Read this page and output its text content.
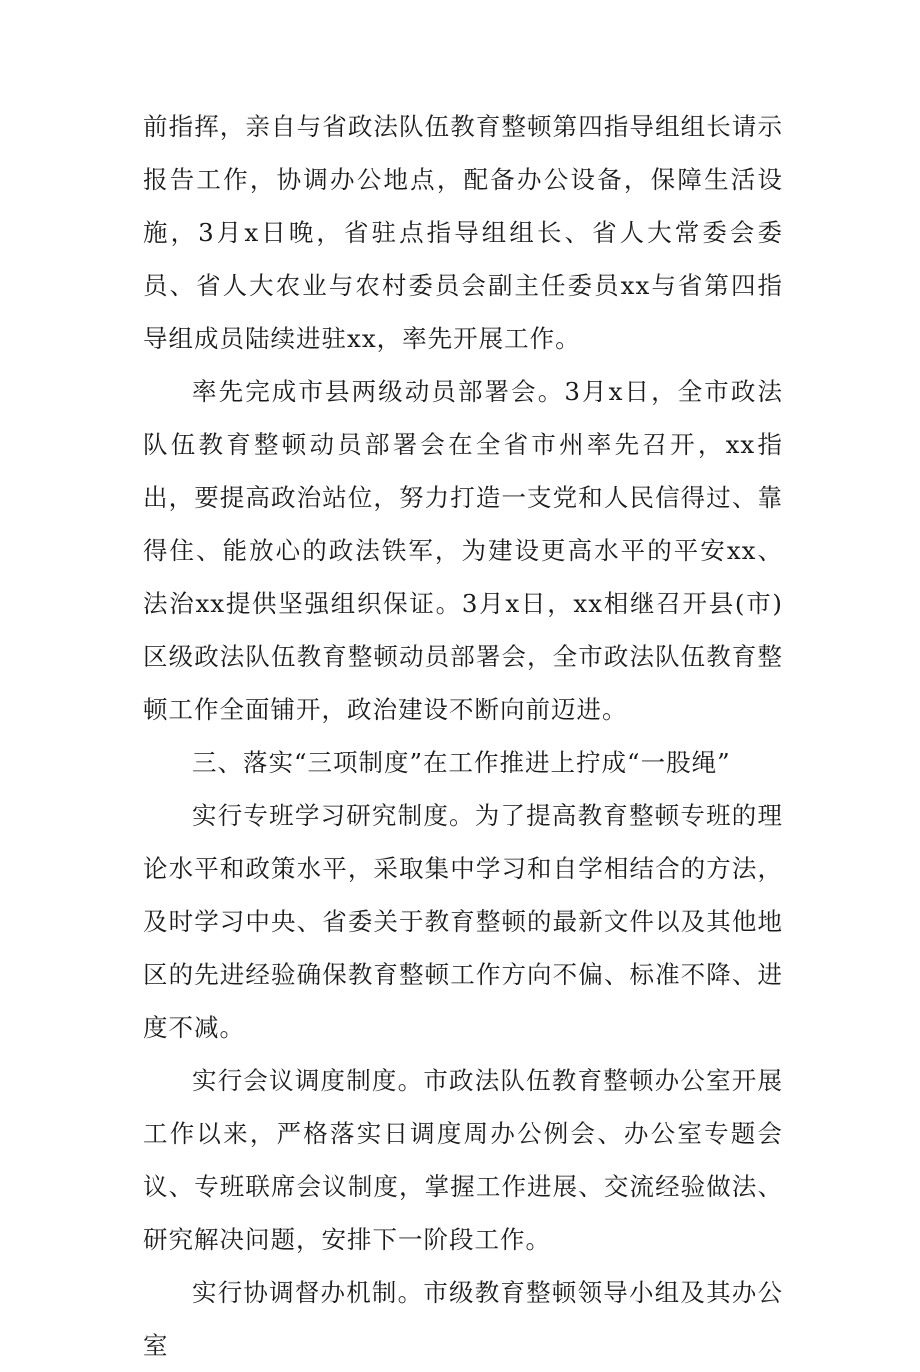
前指挥，亲自与省政法队伍教育整顿第四指导组组长请示报告工作，协调办公地点，配备办公设备，保障生活设施，3月x日晚，省驻点指导组组长、省人大常委会委员、省人大农业与农村委员会副主任委员xx与省第四指导组成员陆续进驻xx，率先开展工作。

率先完成市县两级动员部署会。3月x日，全市政法队伍教育整顿动员部署会在全省市州率先召开，xx指出，要提高政治站位，努力打造一支党和人民信得过、靠得住、能放心的政法铁军，为建设更高水平的平安xx、法治xx提供坚强组织保证。3月x日，xx相继召开县(市)区级政法队伍教育整顿动员部署会，全市政法队伍教育整顿工作全面铺开，政治建设不断向前迈进。

三、落实“三项制度”在工作推进上拧成“一股绳”

实行专班学习研究制度。为了提高教育整顿专班的理论水平和政策水平，采取集中学习和自学相结合的方法，及时学习中央、省委关于教育整顿的最新文件以及其他地区的先进经验确保教育整顿工作方向不偏、标准不降、进度不减。

实行会议调度制度。市政法队伍教育整顿办公室开展工作以来，严格落实日调度周办公例会、办公室专题会议、专班联席会议制度，掌握工作进展、交流经验做法、研究解决问题，安排下一阶段工作。

实行协调督办机制。市级教育整顿领导小组及其办公室
